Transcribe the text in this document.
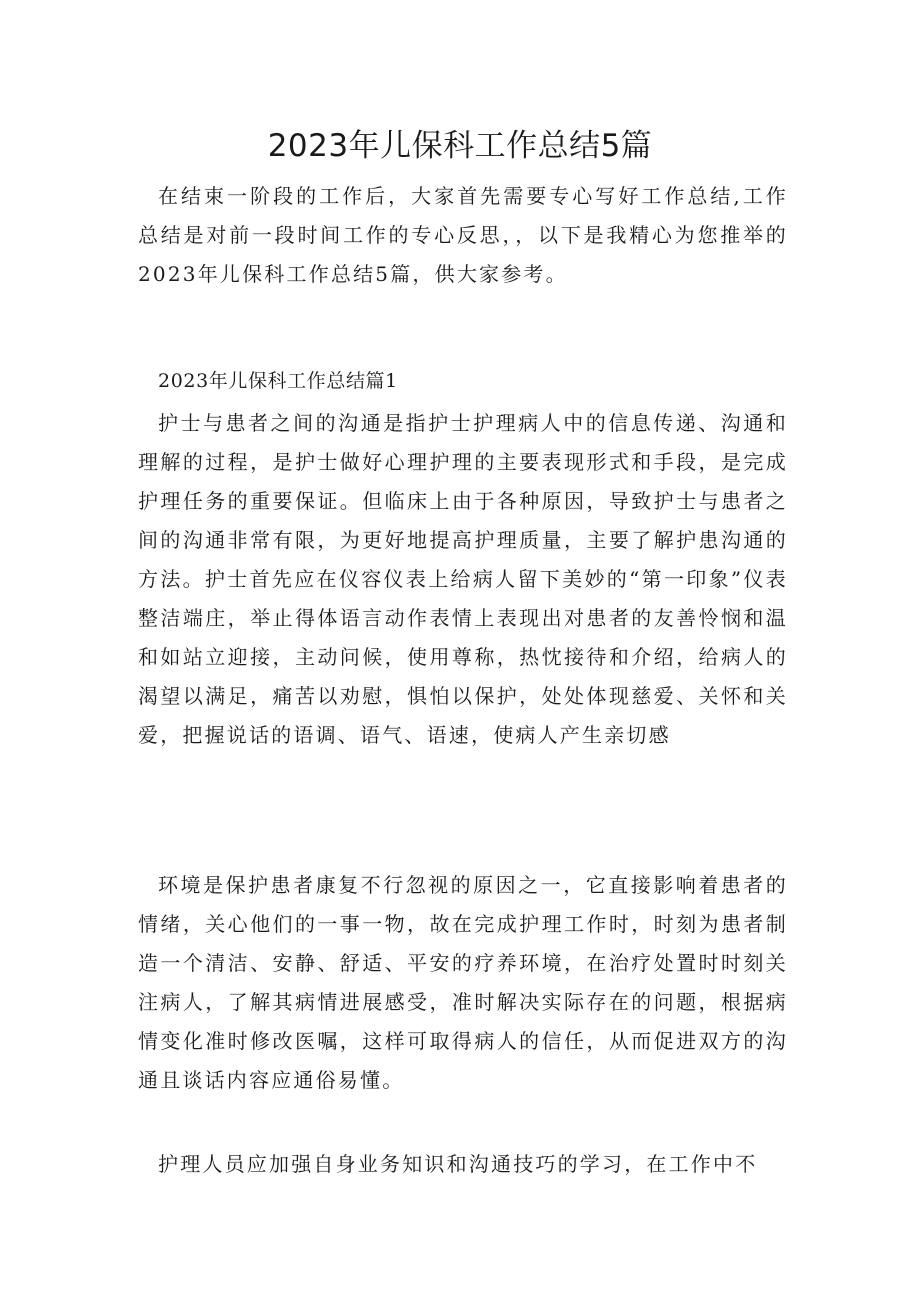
2023年儿保科工作总结5篇

在结束一阶段的工作后，大家首先需要专心写好工作总结,工作总结是对前一段时间工作的专心反思，，以下是我精心为您推举的2023年儿保科工作总结5篇，供大家参考。

2023年儿保科工作总结篇1

护士与患者之间的沟通是指护士护理病人中的信息传递、沟通和理解的过程，是护士做好心理护理的主要表现形式和手段，是完成护理任务的重要保证。但临床上由于各种原因，导致护士与患者之间的沟通非常有限，为更好地提高护理质量，主要了解护患沟通的方法。护士首先应在仪容仪表上给病人留下美妙的“第一印象”仪表整洁端庄，举止得体语言动作表情上表现出对患者的友善怜悯和温和如站立迎接，主动问候，使用尊称，热忱接待和介绍，给病人的渴望以满足，痛苦以劝慰，惧怕以保护，处处体现慈爱、关怀和关爱，把握说话的语调、语气、语速，使病人产生亲切感

环境是保护患者康复不行忽视的原因之一，它直接影响着患者的情绪，关心他们的一事一物，故在完成护理工作时，时刻为患者制造一个清洁、安静、舒适、平安的疗养环境，在治疗处置时时刻关注病人，了解其病情进展感受，准时解决实际存在的问题，根据病情变化准时修改医嘱，这样可取得病人的信任，从而促进双方的沟通且谈话内容应通俗易懂。

护理人员应加强自身业务知识和沟通技巧的学习，在工作中不
